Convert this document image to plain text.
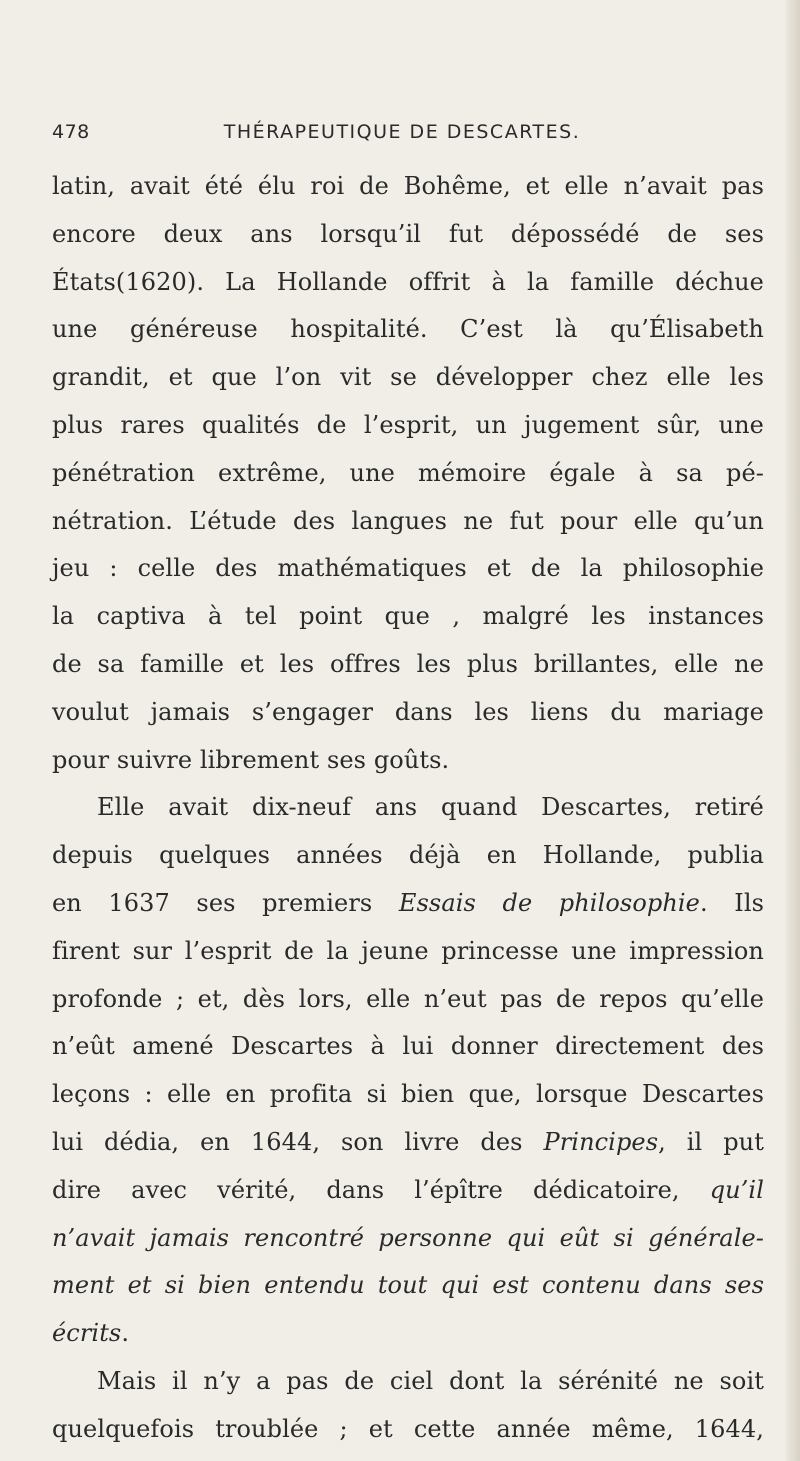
478	THÉRAPEUTIQUE DE DESCARTES.
latin, avait été élu roi de Bohême, et elle n’avait pas
encore deux ans lorsqu’il fut dépossédé de ses
États(1620). La Hollande offrit à la famille déchue
une généreuse hospitalité. C’est là qu’Élisabeth
grandit, et que l’on vit se développer chez elle les
plus rares qualités de l’esprit, un jugement sûr, une
pénétration extrême, une mémoire égale à sa pé-
nétration. L’étude des langues ne fut pour elle qu’un
jeu : celle des mathématiques et de la philosophie
la captiva à tel point que , malgré les instances
de sa famille et les offres les plus brillantes, elle ne
voulut jamais s’engager dans les liens du mariage
pour suivre librement ses goûts.
Elle avait dix-neuf ans quand Descartes, retiré
depuis quelques années déjà en Hollande, publia
en 1637 ses premiers Essais de philosophie. Ils
firent sur l’esprit de la jeune princesse une impression
profonde ; et, dès lors, elle n’eut pas de repos qu’elle
n’eût amené Descartes à lui donner directement des
leçons : elle en profita si bien que, lorsque Descartes
lui dédia, en 1644, son livre des Principes, il put
dire avec vérité, dans l’épître dédicatoire, qu’il
n’avait jamais rencontré personne qui eût si générale-
ment et si bien entendu tout qui est contenu dans ses
écrits.
Mais il n’y a pas de ciel dont la sérénité ne soit
quelquefois troublée ; et cette année même, 1644,
